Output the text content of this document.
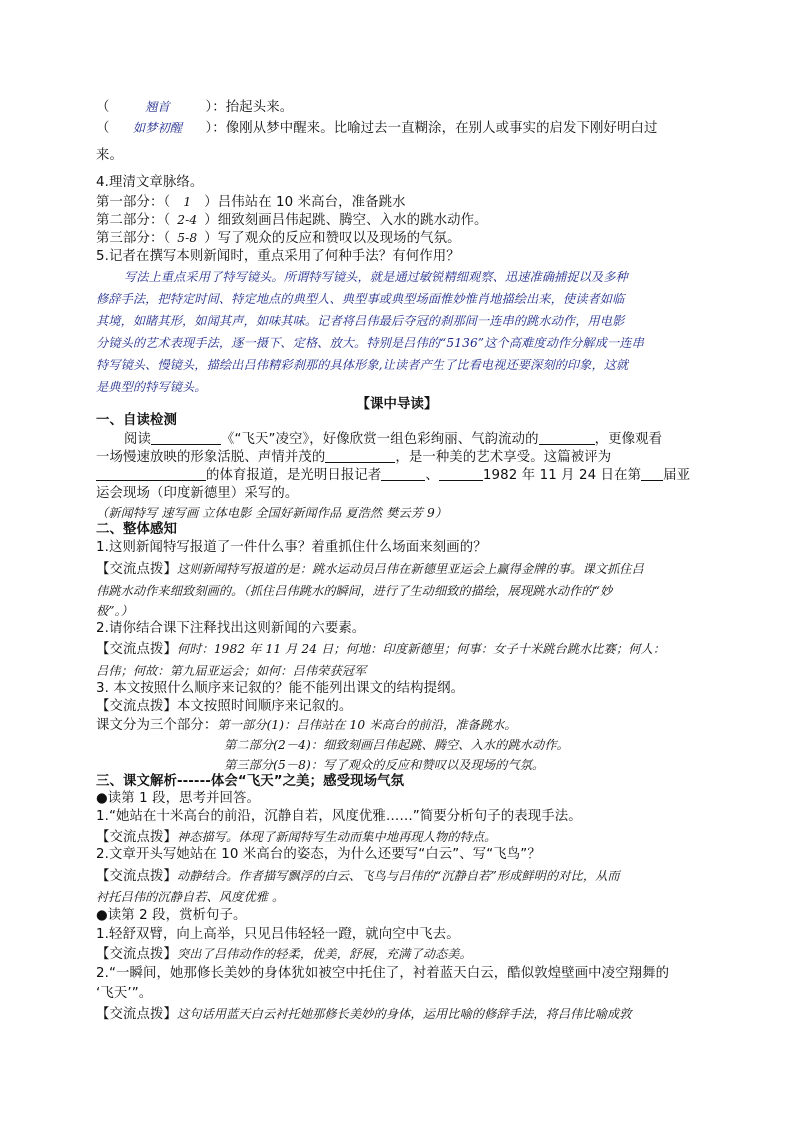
（	翘首	）：抬起头来。
（ 如梦初醒 ）：像刚从梦中醒来。比喻过去一直糊涂，在别人或事实的启发下刚好明白过
来。
4.理清文章脉络。
第一部分：（ 1 ）吕伟站在 10 米高台，准备跳水
第二部分：（ 2-4 ）细致刻画吕伟起跳、腾空、入水的跳水动作。
第三部分：（ 5-8 ）写了观众的反应和赞叹以及现场的气氛。
5.记者在撰写本则新闻时，重点采用了何种手法？有何作用？
写法上重点采用了特写镜头。所谓特写镜头，就是通过敏锐精细观察、迅速准确捕捉以及多种
修辞手法，把特定时间、特定地点的典型人、典型事或典型场面惟妙惟肖地描绘出来，使读者如临
其境，如睹其形，如闻其声，如味其味。记者将吕伟最后夺冠的刹那间一连串的跳水动作，用电影
分镜头的艺术表现手法，逐一摄下、定格、放大。特别是吕伟的“5136”这个高难度动作分解成一连串
特写镜头、慢镜头，描绘出吕伟精彩刹那的具体形象,让读者产生了比看电视还要深刻的印象，这就
是典型的特写镜头。
【课中导读】
一、自读检测
阅读	《“飞天”凌空》，好像欣赏一组色彩绚丽、气韵流动的	，更像观看
一场慢速放映的形象活脱、声情并茂的	，是一种美的艺术享受。这篇被评为
的体育报道，是光明日报记者	、	1982 年 11 月 24 日在第 届亚
运会现场（印度新德里）采写的。
（新闻特写 速写画 立体电影 全国好新闻作品 夏浩然 樊云芳 9）
二、整体感知
1.这则新闻特写报道了一件什么事？着重抓住什么场面来刻画的？
【交流点拨】这则新闻特写报道的是：跳水运动员吕伟在新德里亚运会上赢得金牌的事。课文抓住吕
伟跳水动作来细致刻画的。（抓住吕伟跳水的瞬间，进行了生动细致的描绘，展现跳水动作的“妙
极”。）
2.请你结合课下注释找出这则新闻的六要素。
【交流点拨】何时：1982 年 11 月 24 日；何地：印度新德里；何事：女子十米跳台跳水比赛；何人：
吕伟；何故：第九届亚运会；如何：吕伟荣获冠军
3. 本文按照什么顺序来记叙的？能不能列出课文的结构提纲。
【交流点拨】本文按照时间顺序来记叙的。
课文分为三个部分：第一部分(1)：吕伟站在 10 米高台的前沿，准备跳水。
第二部分(2－4)：细致刻画吕伟起跳、腾空、入水的跳水动作。
第三部分(5－8)：写了观众的反应和赞叹以及现场的气氛。
三、课文解析------体会“飞天”之美；感受现场气氛
●读第 1 段，思考并回答。
1.“她站在十米高台的前沿，沉静自若，风度优雅……”简要分析句子的表现手法。
【交流点拨】神态描写。体现了新闻特写生动而集中地再现人物的特点。
2.文章开头写她站在 10 米高台的姿态，为什么还要写“白云”、写“飞鸟”？
【交流点拨】动静结合。作者描写飘浮的白云、飞鸟与吕伟的“沉静自若”形成鲜明的对比，从而
衬托吕伟的沉静自若、风度优雅 。
●读第 2 段，赏析句子。
1.轻舒双臂，向上高举，只见吕伟轻轻一蹬，就向空中飞去。
【交流点拨】突出了吕伟动作的轻柔，优美，舒展，充满了动态美。
2.“一瞬间，她那修长美妙的身体犹如被空中托住了，衬着蓝天白云，酷似敦煌壁画中凌空翔舞的
‘飞天’”。
【交流点拨】这句话用蓝天白云衬托她那修长美妙的身体，运用比喻的修辞手法，将吕伟比喻成敦
